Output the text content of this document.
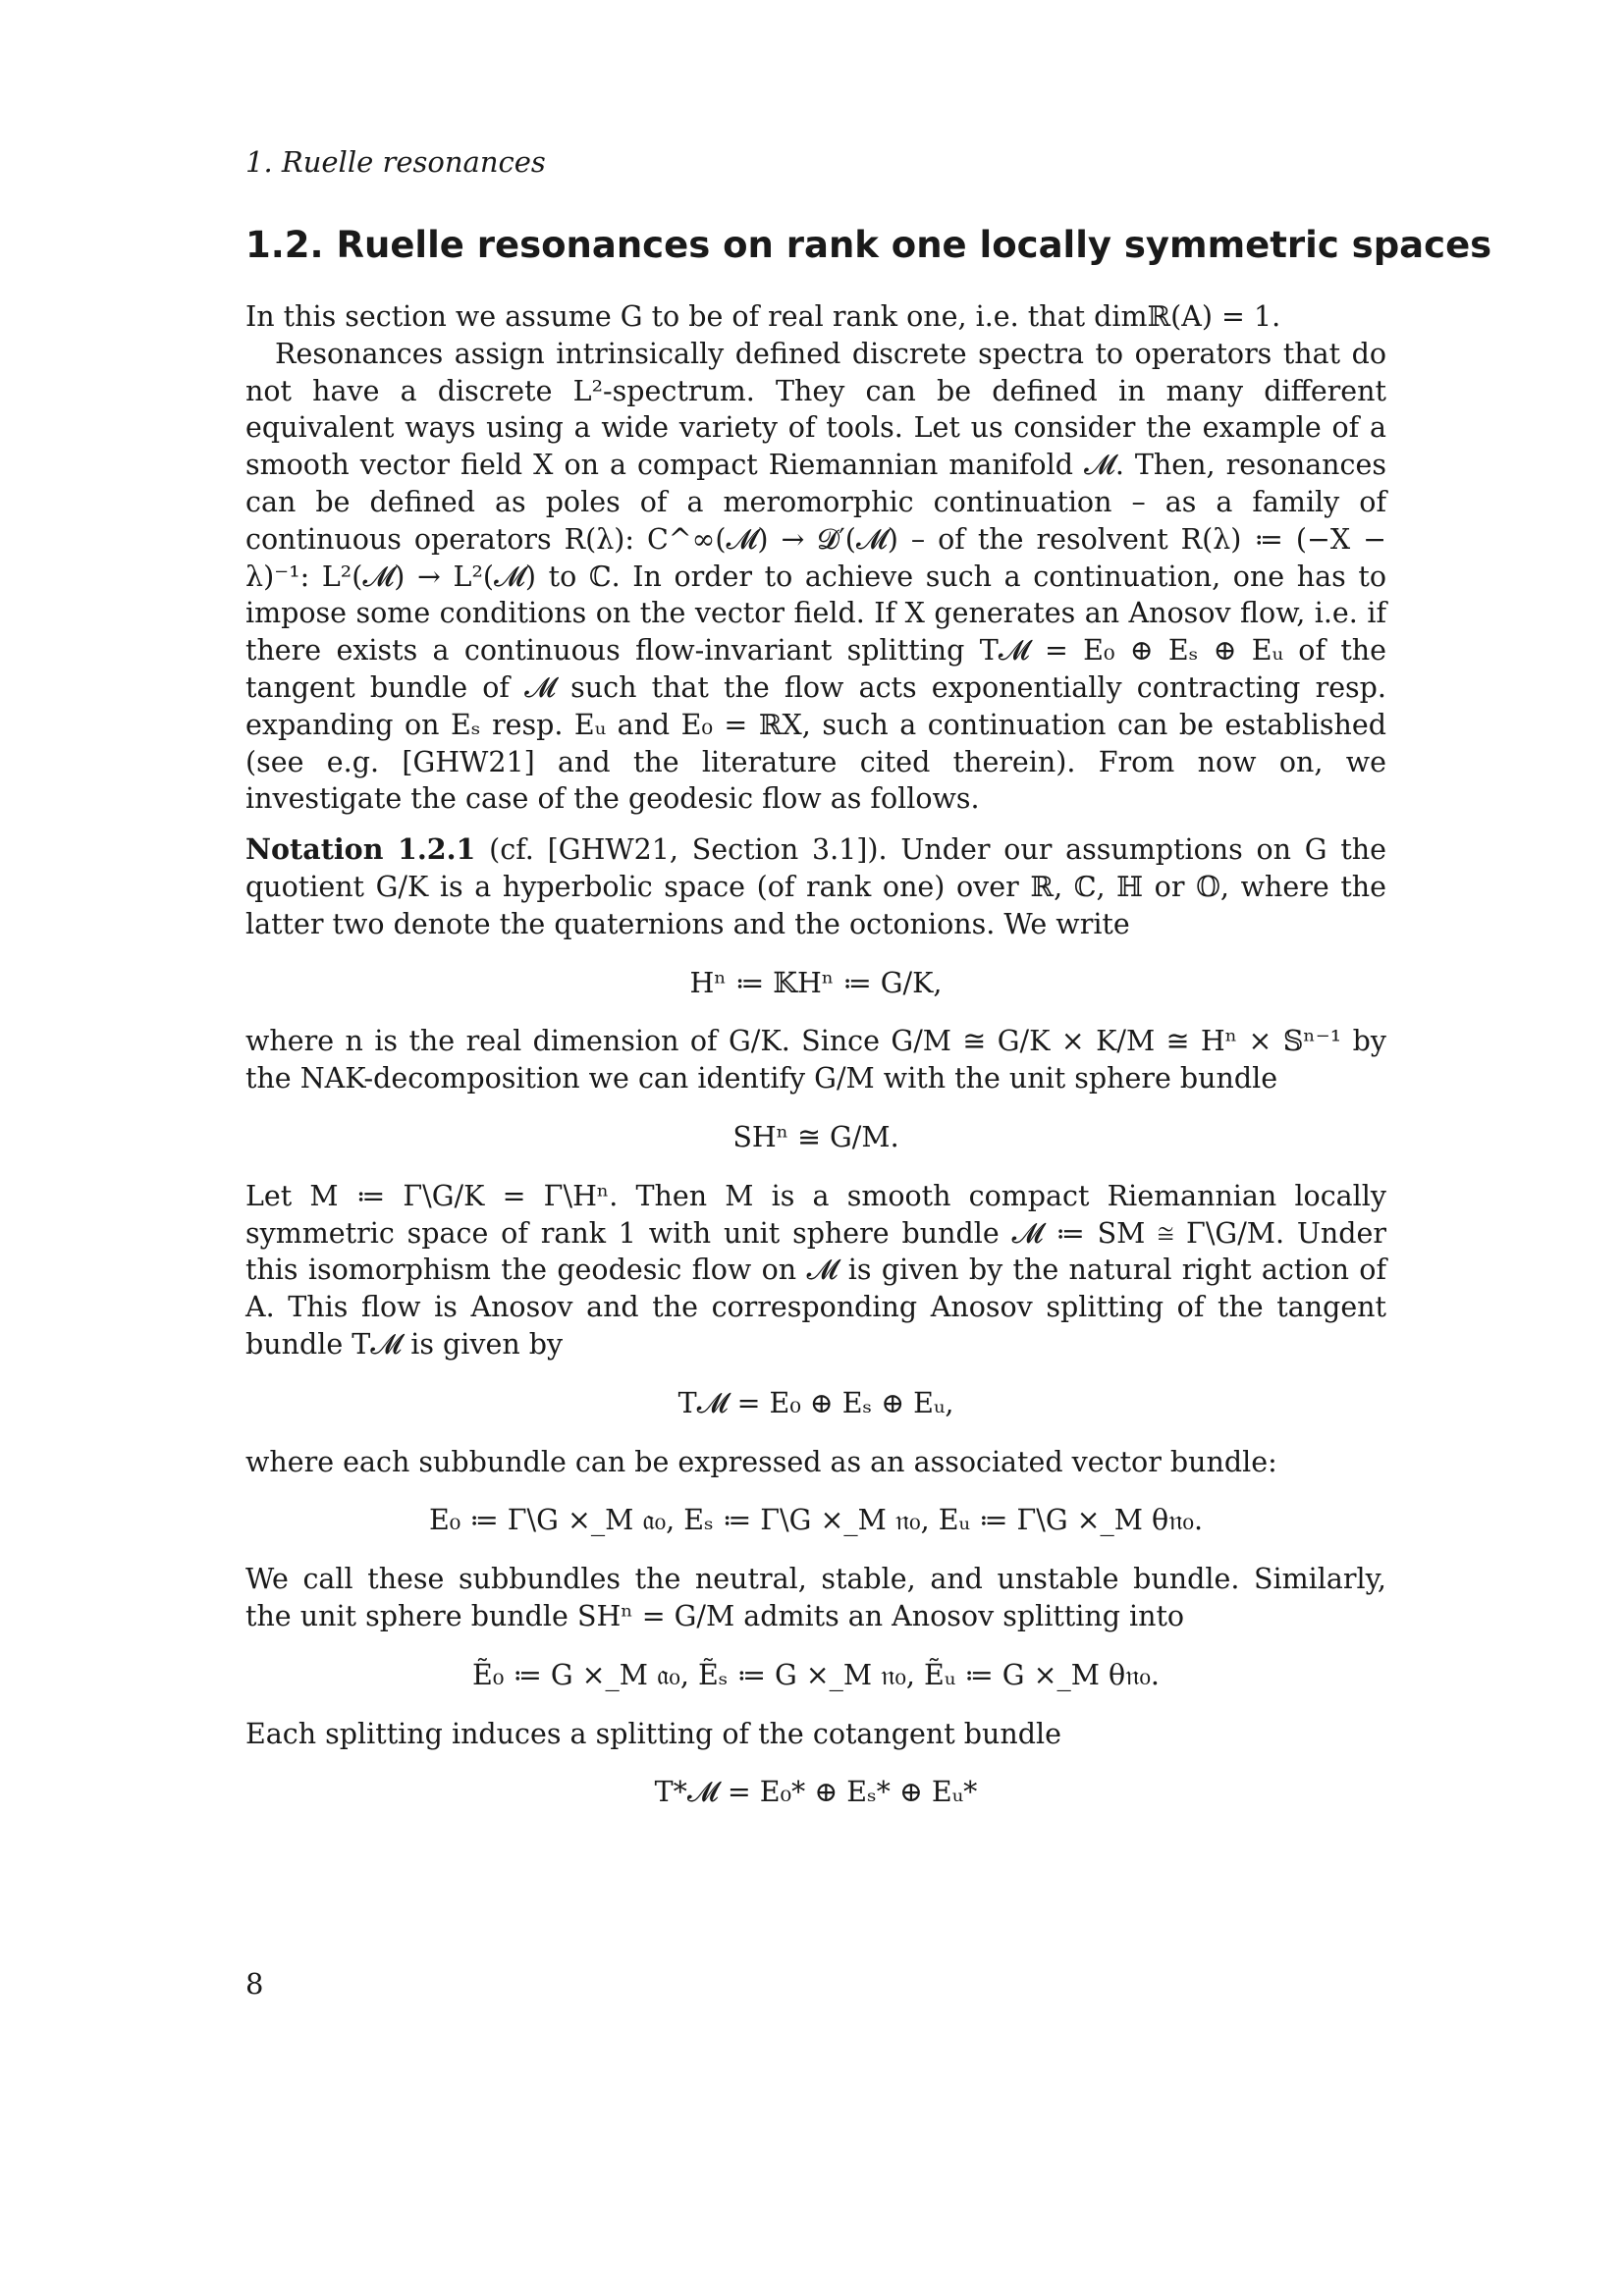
1. Ruelle resonances
1.2. Ruelle resonances on rank one locally symmetric spaces

In this section we assume G to be of real rank one, i.e. that dimℝ(A) = 1.

Resonances assign intrinsically defined discrete spectra to operators that do not have a discrete L²-spectrum. They can be defined in many different equivalent ways using a wide variety of tools. Let us consider the example of a smooth vector field X on a compact Riemannian manifold 𝓜. Then, resonances can be defined as poles of a meromorphic continuation – as a family of continuous operators R(λ): C^∞(𝓜) → 𝓓′(𝓜) – of the resolvent R(λ) ≔ (−X − λ)⁻¹: L²(𝓜) → L²(𝓜) to ℂ. In order to achieve such a continuation, one has to impose some conditions on the vector field. If X generates an Anosov flow, i.e. if there exists a continuous flow-invariant splitting T𝓜 = E₀ ⊕ Eₛ ⊕ Eᵤ of the tangent bundle of 𝓜 such that the flow acts exponentially contracting resp. expanding on Eₛ resp. Eᵤ and E₀ = ℝX, such a continuation can be established (see e.g. [GHW21] and the literature cited therein). From now on, we investigate the case of the geodesic flow as follows.

Notation 1.2.1 (cf. [GHW21, Section 3.1]). Under our assumptions on G the quotient G/K is a hyperbolic space (of rank one) over ℝ, ℂ, ℍ or 𝕆, where the latter two denote the quaternions and the octonions. We write

Hⁿ ≔ 𝕂Hⁿ ≔ G/K,

where n is the real dimension of G/K. Since G/M ≅ G/K × K/M ≅ Hⁿ × 𝕊ⁿ⁻¹ by the NAK-decomposition we can identify G/M with the unit sphere bundle

SHⁿ ≅ G/M.

Let M ≔ Γ\G/K = Γ\Hⁿ. Then M is a smooth compact Riemannian locally symmetric space of rank 1 with unit sphere bundle 𝓜 ≔ SM ≅ Γ\G/M. Under this isomorphism the geodesic flow on 𝓜 is given by the natural right action of A. This flow is Anosov and the corresponding Anosov splitting of the tangent bundle T𝓜 is given by

T𝓜 = E₀ ⊕ Eₛ ⊕ Eᵤ,

where each subbundle can be expressed as an associated vector bundle:

E₀ ≔ Γ\G ×_M 𝔞₀, Eₛ ≔ Γ\G ×_M 𝔫₀, Eᵤ ≔ Γ\G ×_M θ𝔫₀.

We call these subbundles the neutral, stable, and unstable bundle. Similarly, the unit sphere bundle SHⁿ = G/M admits an Anosov splitting into

Ẽ₀ ≔ G ×_M 𝔞₀, Ẽₛ ≔ G ×_M 𝔫₀, Ẽᵤ ≔ G ×_M θ𝔫₀.

Each splitting induces a splitting of the cotangent bundle

T*𝓜 = E₀* ⊕ Eₛ* ⊕ Eᵤ*

8
